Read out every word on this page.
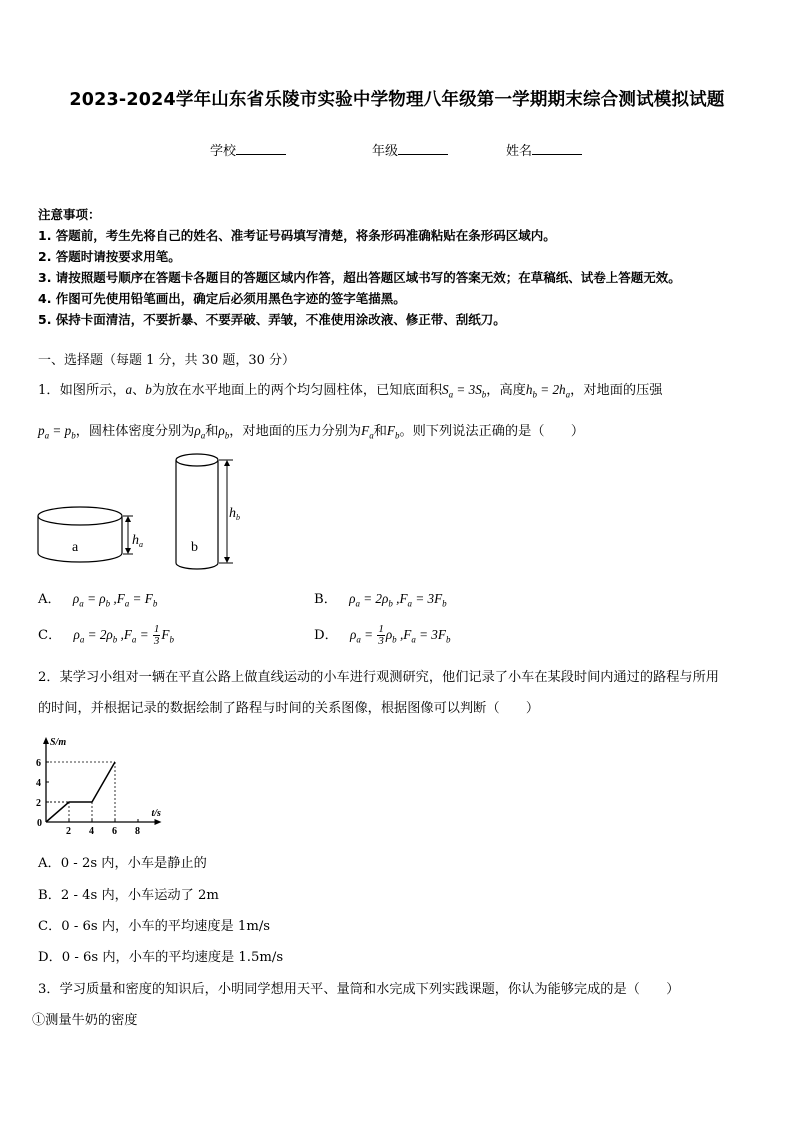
2023-2024学年山东省乐陵市实验中学物理八年级第一学期期末综合测试模拟试题
学校	年级	姓名
注意事项：
1. 答题前，考生先将自己的姓名、准考证号码填写清楚，将条形码准确粘贴在条形码区域内。
2. 答题时请按要求用笔。
3. 请按照题号顺序在答题卡各题目的答题区域内作答，超出答题区域书写的答案无效；在草稿纸、试卷上答题无效。
4. 作图可先使用铅笔画出，确定后必须用黑色字迹的签字笔描黑。
5. 保持卡面清洁，不要折暴、不要弄破、弄皱，不准使用涂改液、修正带、刮纸刀。
一、选择题（每题 1 分，共 30 题，30 分）
1．如图所示，a、b为放在水平地面上的两个均匀圆柱体，已知底面积$S_a = 3S_b$，高度$h_b = 2h_a$，对地面的压强
$p_a = p_b$，圆柱体密度分别为$\rho_a$和$\rho_b$，对地面的压力分别为$F_a$和$F_b$。则下列说法正确的是（　　）
a	$h_a$	b
$h_b$
A． $\rho_a = \rho_b$ $,F_a = F_b$	B． $\rho_a = 2\rho_b$ $,F_a = 3F_b$
C． $\rho_a = 2\rho_b$ $,F_a = \frac{1}{3} F_b$	D． $\rho_a = \frac{1}{3} \rho_b$ $,F_a = 3F_b$
2．某学习小组对一辆在平直公路上做直线运动的小车进行观测研究，他们记录了小车在某段时间内通过的路程与所用
的时间，并根据记录的数据绘制了路程与时间的关系图像，根据图像可以判断（　　）
S/m
t/s
0
2 4 6 8
2
4
6
A．0 - 2s 内，小车是静止的
B．2 - 4s 内，小车运动了 2m
C．0 - 6s 内，小车的平均速度是 1m/s
D．0 - 6s 内，小车的平均速度是 1.5m/s
3．学习质量和密度的知识后，小明同学想用天平、量筒和水完成下列实践课题，你认为能够完成的是（　　）
①测量牛奶的密度
